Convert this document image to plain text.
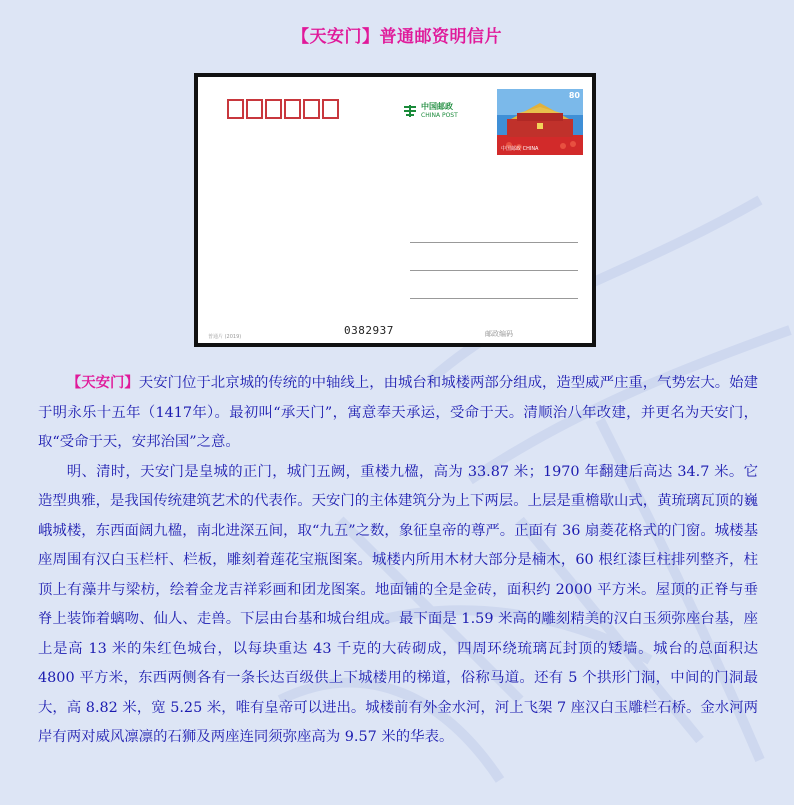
【天安门】普通邮资明信片
中国邮政
CHINA POST
80
中国邮政 CHINA
普通片 (2019)	0382937	邮政编码

【天安门】天安门位于北京城的传统的中轴线上，由城台和城楼两部分组成，造型威严庄重，气势宏大。始建于明永乐十五年（1417年）。最初叫“承天门”，寓意奉天承运，受命于天。清顺治八年改建，并更名为天安门，取“受命于天，安邦治国”之意。

明、清时，天安门是皇城的正门，城门五阙，重楼九楹，高为 33.87 米；1970 年翻建后高达 34.7 米。它造型典雅，是我国传统建筑艺术的代表作。天安门的主体建筑分为上下两层。上层是重檐歇山式，黄琉璃瓦顶的巍峨城楼，东西面阔九楹，南北进深五间，取“九五”之数，象征皇帝的尊严。正面有 36 扇菱花格式的门窗。城楼基座周围有汉白玉栏杆、栏板，雕刻着莲花宝瓶图案。城楼内所用木材大部分是楠木，60 根红漆巨柱排列整齐，柱顶上有藻井与梁枋，绘着金龙吉祥彩画和团龙图案。地面铺的全是金砖，面积约 2000 平方米。屋顶的正脊与垂脊上装饰着螭吻、仙人、走兽。下层由台基和城台组成。最下面是 1.59 米高的雕刻精美的汉白玉须弥座台基，座上是高 13 米的朱红色城台，以每块重达 43 千克的大砖砌成，四周环绕琉璃瓦封顶的矮墙。城台的总面积达 4800 平方米，东西两侧各有一条长达百级供上下城楼用的梯道，俗称马道。还有 5 个拱形门洞，中间的门洞最大，高 8.82 米，宽 5.25 米，唯有皇帝可以进出。城楼前有外金水河，河上飞架 7 座汉白玉雕栏石桥。金水河两岸有两对威风凛凛的石狮及两座连同须弥座高为 9.57 米的华表。
